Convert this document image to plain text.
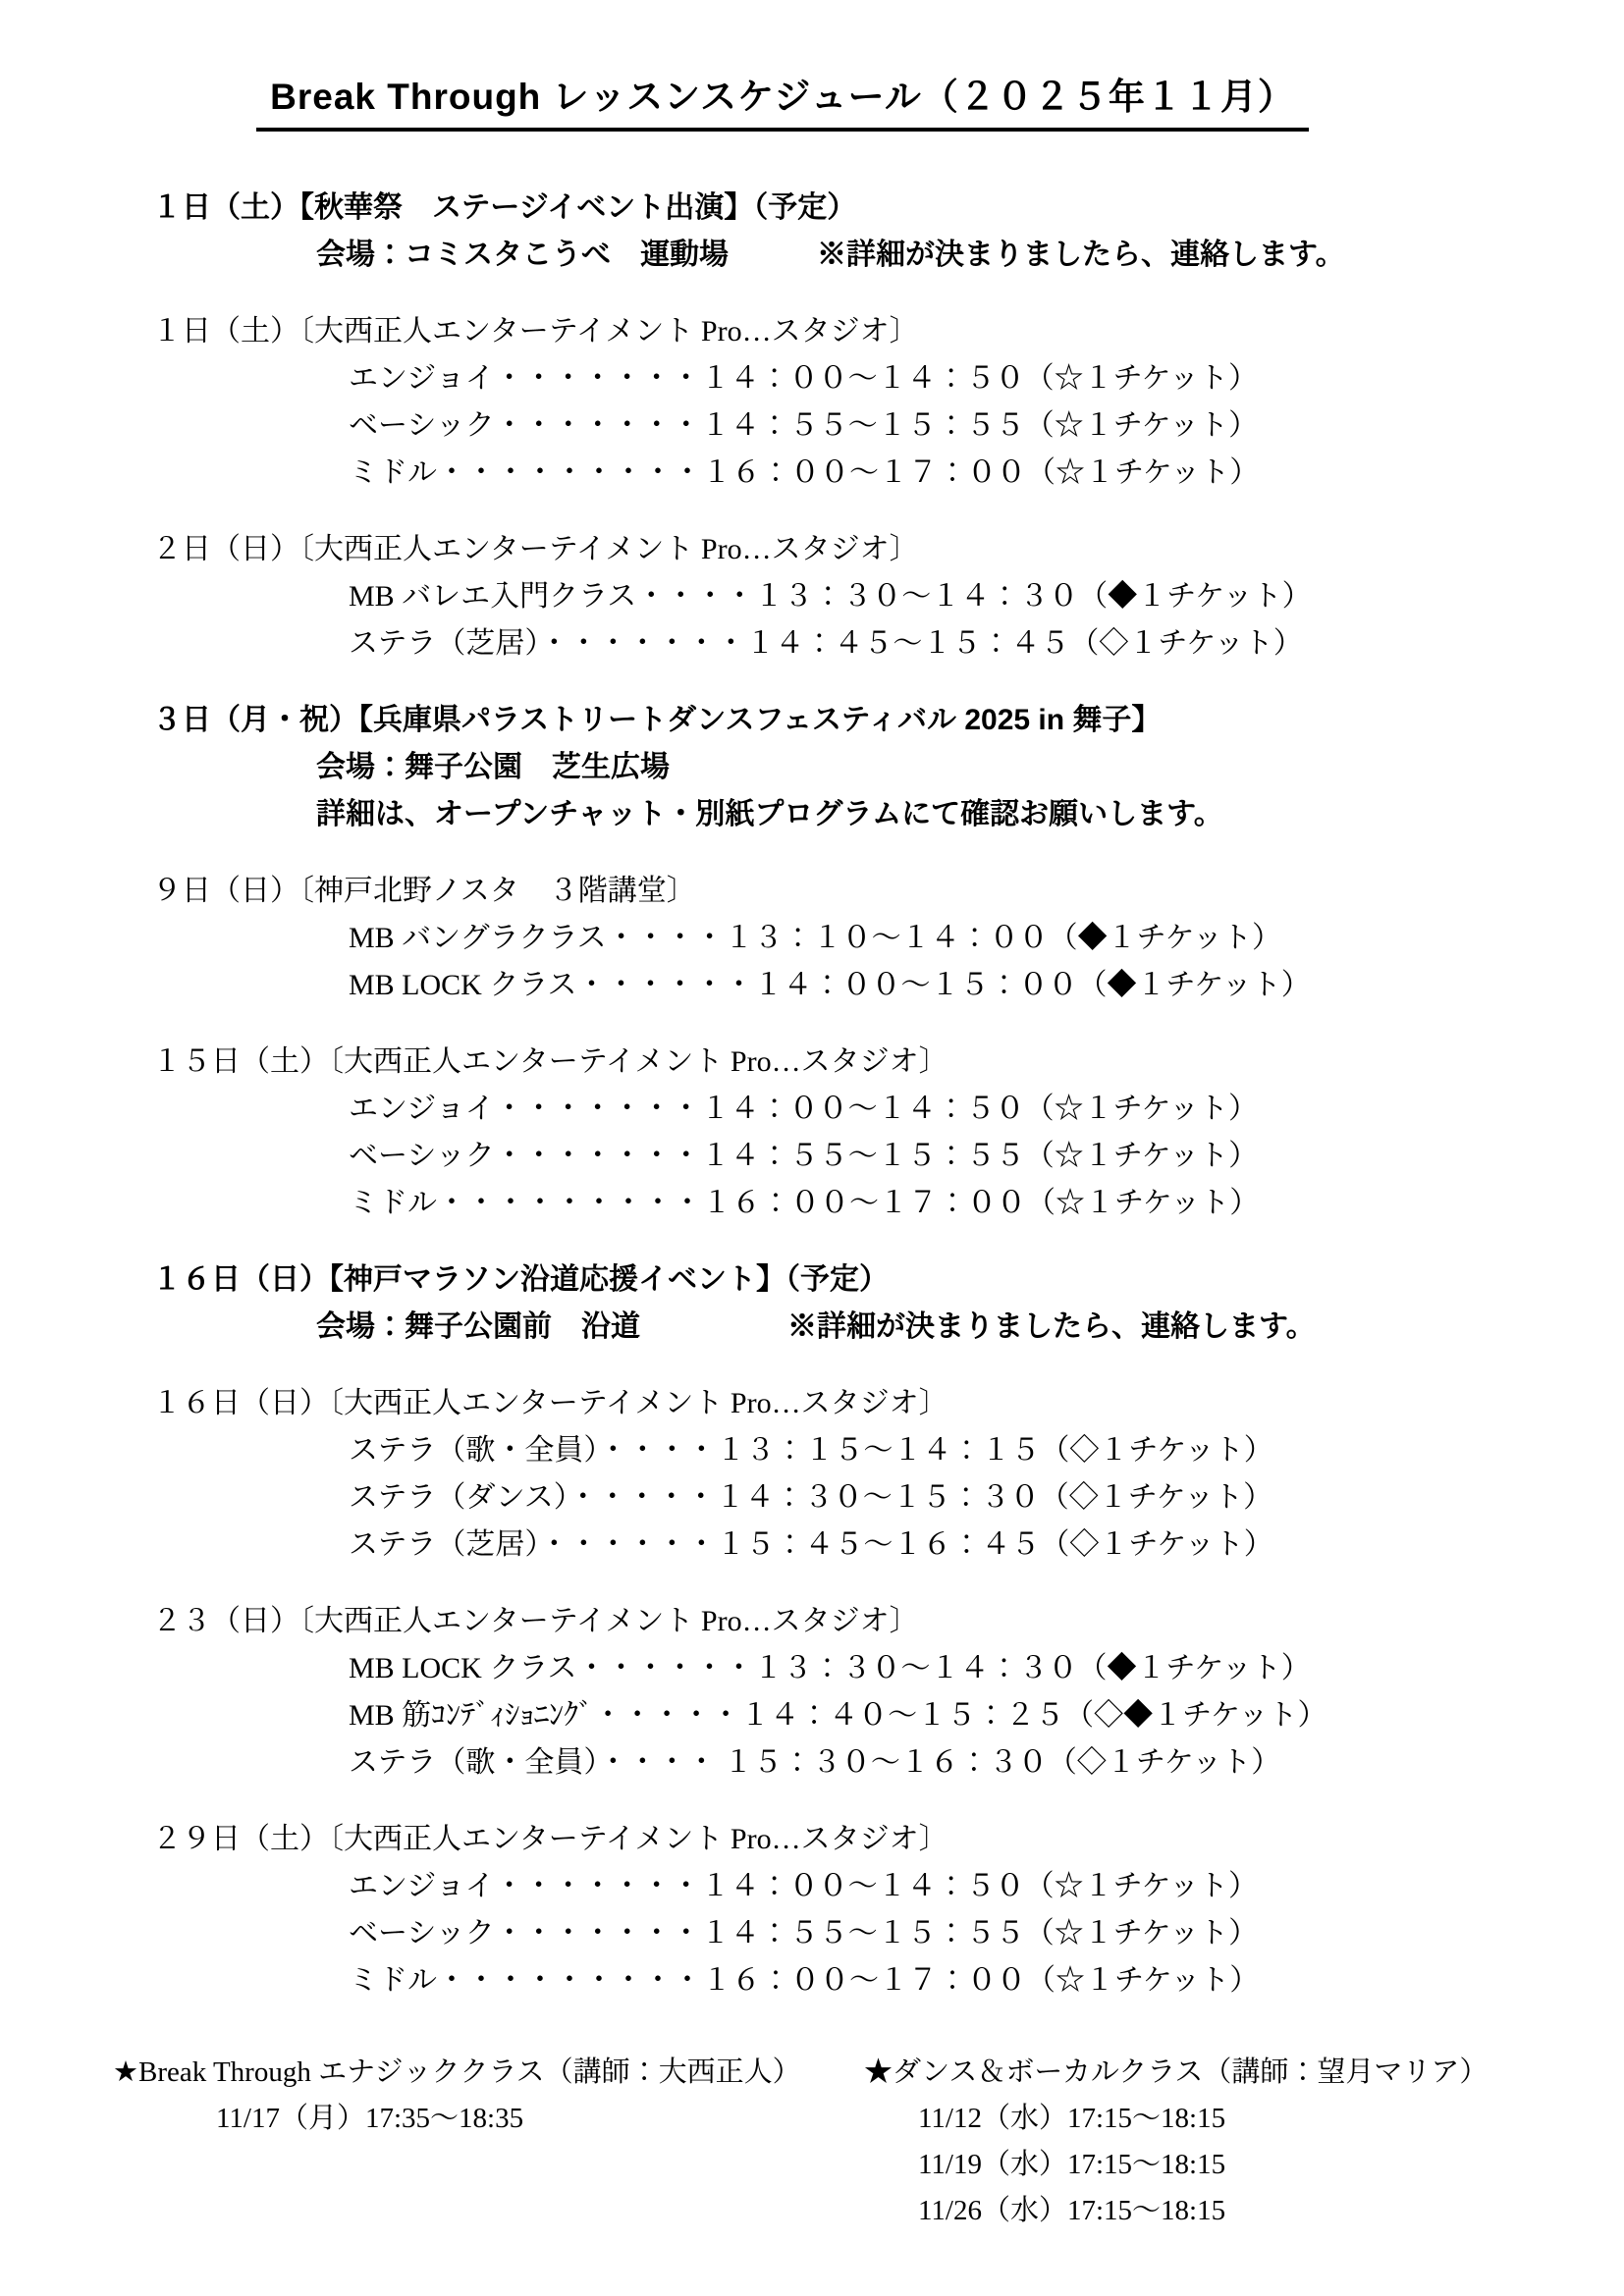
Break Through レッスンスケジュール（２０２５年１１月）
１日（土）【秋華祭　ステージイベント出演】（予定）
会場：コミスタこうべ　運動場　　　※詳細が決まりましたら、連絡します。
１日（土）〔大西正人エンターテイメント Pro…スタジオ〕
エンジョイ・・・・・・・１４：００～１４：５０（☆１チケット）
ベーシック・・・・・・・１４：５５～１５：５５（☆１チケット）
ミドル・・・・・・・・・１６：００～１７：００（☆１チケット）
２日（日）〔大西正人エンターテイメント Pro…スタジオ〕
MB バレエ入門クラス・・・・１３：３０～１４：３０（◆１チケット）
ステラ（芝居）・・・・・・・１４：４５～１５：４５（◇１チケット）
３日（月・祝）【兵庫県パラストリートダンスフェスティバル 2025 in 舞子】
会場：舞子公園　芝生広場
詳細は、オープンチャット・別紙プログラムにて確認お願いします。
９日（日）〔神戸北野ノスタ　３階講堂〕
MB バングラクラス・・・・１３：１０～１４：００（◆１チケット）
MB LOCK クラス・・・・・・１４：００～１５：００（◆１チケット）
１５日（土）〔大西正人エンターテイメント Pro…スタジオ〕
エンジョイ・・・・・・・１４：００～１４：５０（☆１チケット）
ベーシック・・・・・・・１４：５５～１５：５５（☆１チケット）
ミドル・・・・・・・・・１６：００～１７：００（☆１チケット）
１６日（日）【神戸マラソン沿道応援イベント】（予定）
会場：舞子公園前　沿道　　　　　※詳細が決まりましたら、連絡します。
１６日（日）〔大西正人エンターテイメント Pro…スタジオ〕
ステラ（歌・全員）・・・・１３：１５～１４：１５（◇１チケット）
ステラ（ダンス）・・・・・１４：３０～１５：３０（◇１チケット）
ステラ（芝居）・・・・・・１５：４５～１６：４５（◇１チケット）
２３（日）〔大西正人エンターテイメント Pro…スタジオ〕
MB LOCK クラス・・・・・・１３：３０～１４：３０（◆１チケット）
MB 筋ｺﾝﾃﾞｨｼｮﾆﾝｸﾞ・・・・・１４：４０～１５：２５（◇◆１チケット）
ステラ（歌・全員）・・・・ １５：３０～１６：３０（◇１チケット）
２９日（土）〔大西正人エンターテイメント Pro…スタジオ〕
エンジョイ・・・・・・・１４：００～１４：５０（☆１チケット）
ベーシック・・・・・・・１４：５５～１５：５５（☆１チケット）
ミドル・・・・・・・・・１６：００～１７：００（☆１チケット）
★Break Through エナジッククラス（講師：大西正人）
11/17（月）17:35～18:35
★ダンス＆ボーカルクラス（講師：望月マリア）
11/12（水）17:15～18:15
11/19（水）17:15～18:15
11/26（水）17:15～18:15
